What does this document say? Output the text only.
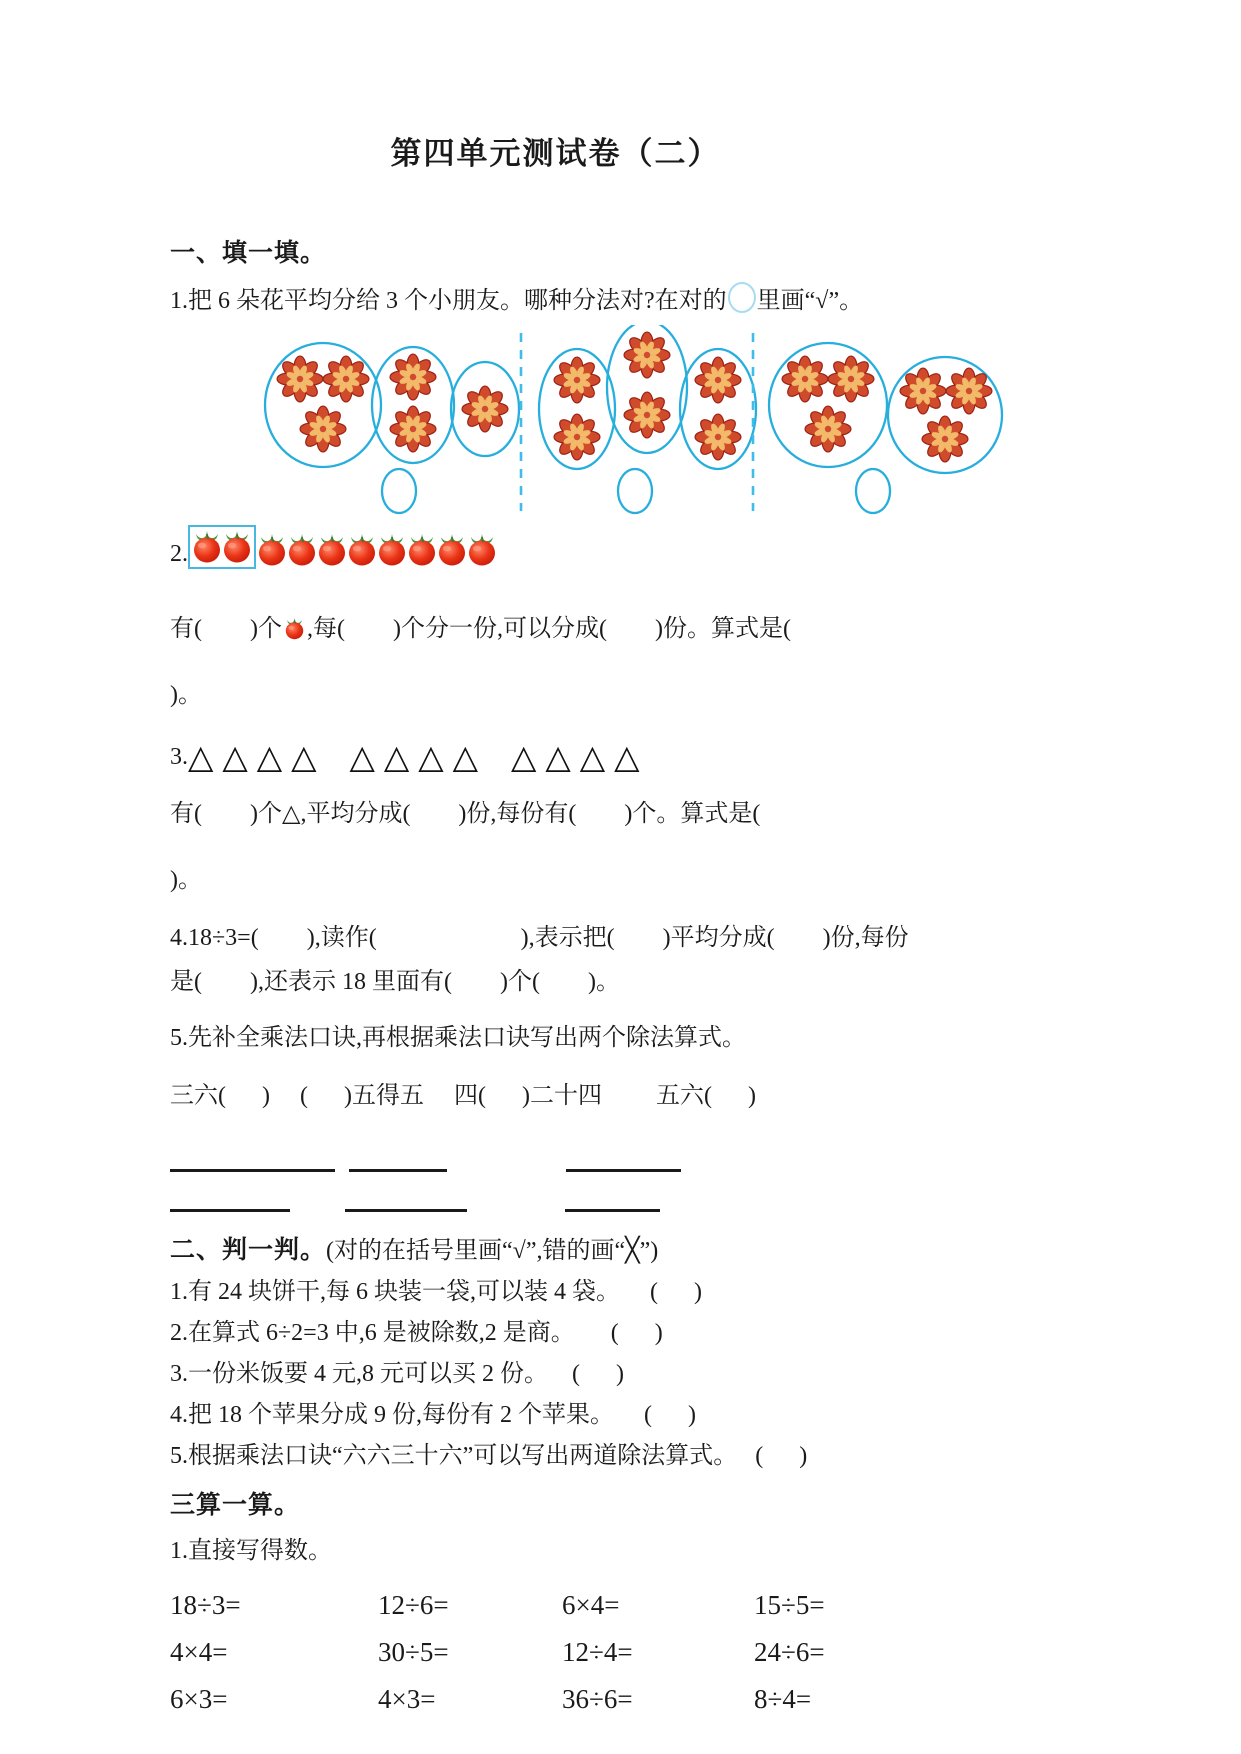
第四单元测试卷（二）
一、填一填。
1.把 6 朵花平均分给 3 个小朋友。哪种分法对?在对的 里画“√”。
2.
有(        )个 ,每(        )个分一份,可以分成(        )份。算式是(
)。
3. △△△△ △△△△ △△△△
有(        )个△,平均分成(        )份,每份有(        )个。算式是(
)。
4.18÷3=(        ),读作(                        ),表示把(        )平均分成(        )份,每份
是(        ),还表示 18 里面有(        )个(        )。
5.先补全乘法口诀,再根据乘法口诀写出两个除法算式。
三六(      )　 (      )五得五　 四(      )二十四　　 五六(      )
二、判一判。(对的在括号里画“√”,错的画“╳”)
1.有 24 块饼干,每 6 块装一袋,可以装 4 袋。     (      )
2.在算式 6÷2=3 中,6 是被除数,2 是商。      (      )
3.一份米饭要 4 元,8 元可以买 2 份。    (      )
4.把 18 个苹果分成 9 份,每份有 2 个苹果。     (      )
5.根据乘法口诀“六六三十六”可以写出两道除法算式。   (      )
三算一算。
1.直接写得数。
18÷3=	12÷6=	6×4=	15÷5=
4×4=	30÷5=	12÷4=	24÷6=
6×3=	4×3=	36÷6=	8÷4=
